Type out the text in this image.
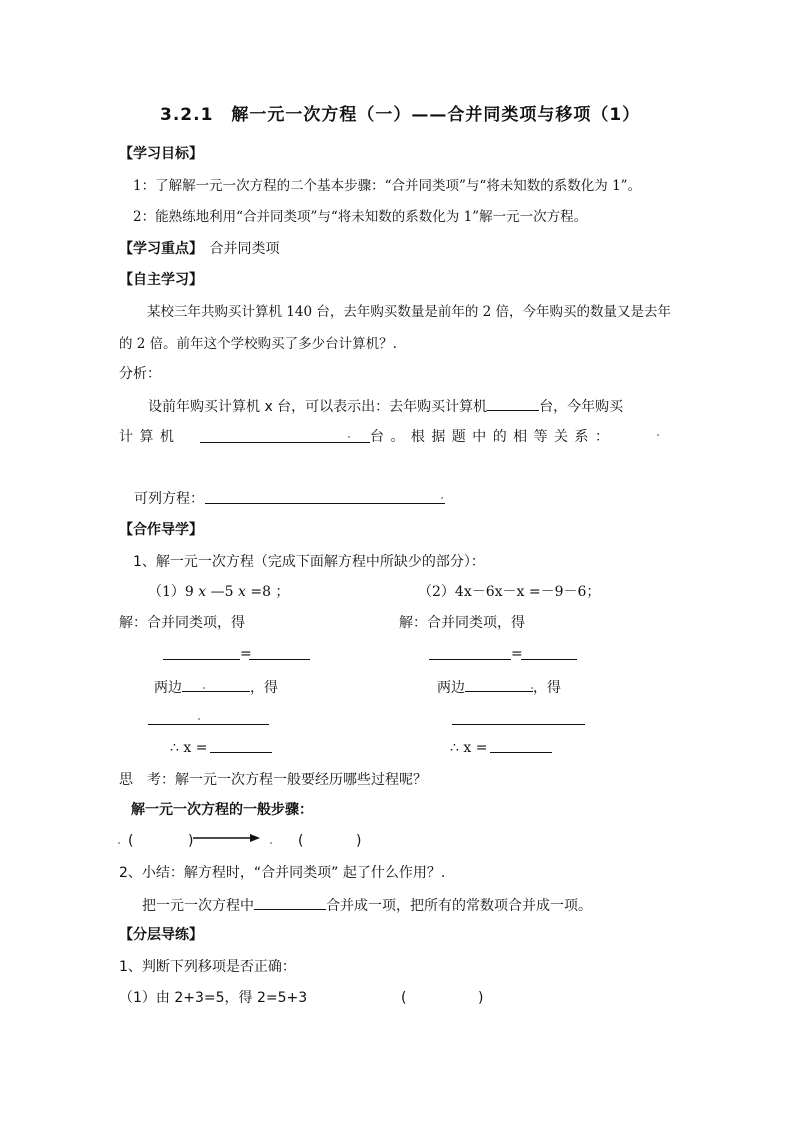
3.2.1　解一元一次方程（一）——合并同类项与移项（1）
【学习目标】
1：了解解一元一次方程的二个基本步骤：“合并同类项”与“将未知数的系数化为 1”。
2：能熟练地利用“合并同类项”与“将未知数的系数化为 1”解一元一次方程。
【学习重点】 合并同类项
【自主学习】
某校三年共购买计算机 140 台，去年购买数量是前年的 2 倍，今年购买的数量又是去年
的 2 倍。前年这个学校购买了多少台计算机？.
分析：
设前年购买计算机 x 台，可以表示出：去年购买计算机	台，今年购买
计 算 机	台 。 根 据 题 中 的 相 等 关 系 ：
可列方程：
【合作导学】
1、解一元一次方程（完成下面解方程中所缺少的部分）：
（1）9 x —5 x =8 ；	（2）4x－6x－x =－9－6；
解：合并同类项，得	解：合并同类项，得
=
两边	，得
∴ x =
=
两边	，得
∴ x =
思　考：解一元一次方程一般要经历哪些过程呢？
解一元一次方程的一般步骤：
(	)	(	)
2、小结：解方程时，“合并同类项” 起了什么作用？.
把一元一次方程中	合并成一项，把所有的常数项合并成一项。
【分层导练】
1、判断下列移项是否正确：
（1）由 2+3=5，得 2=5+3	(	)
